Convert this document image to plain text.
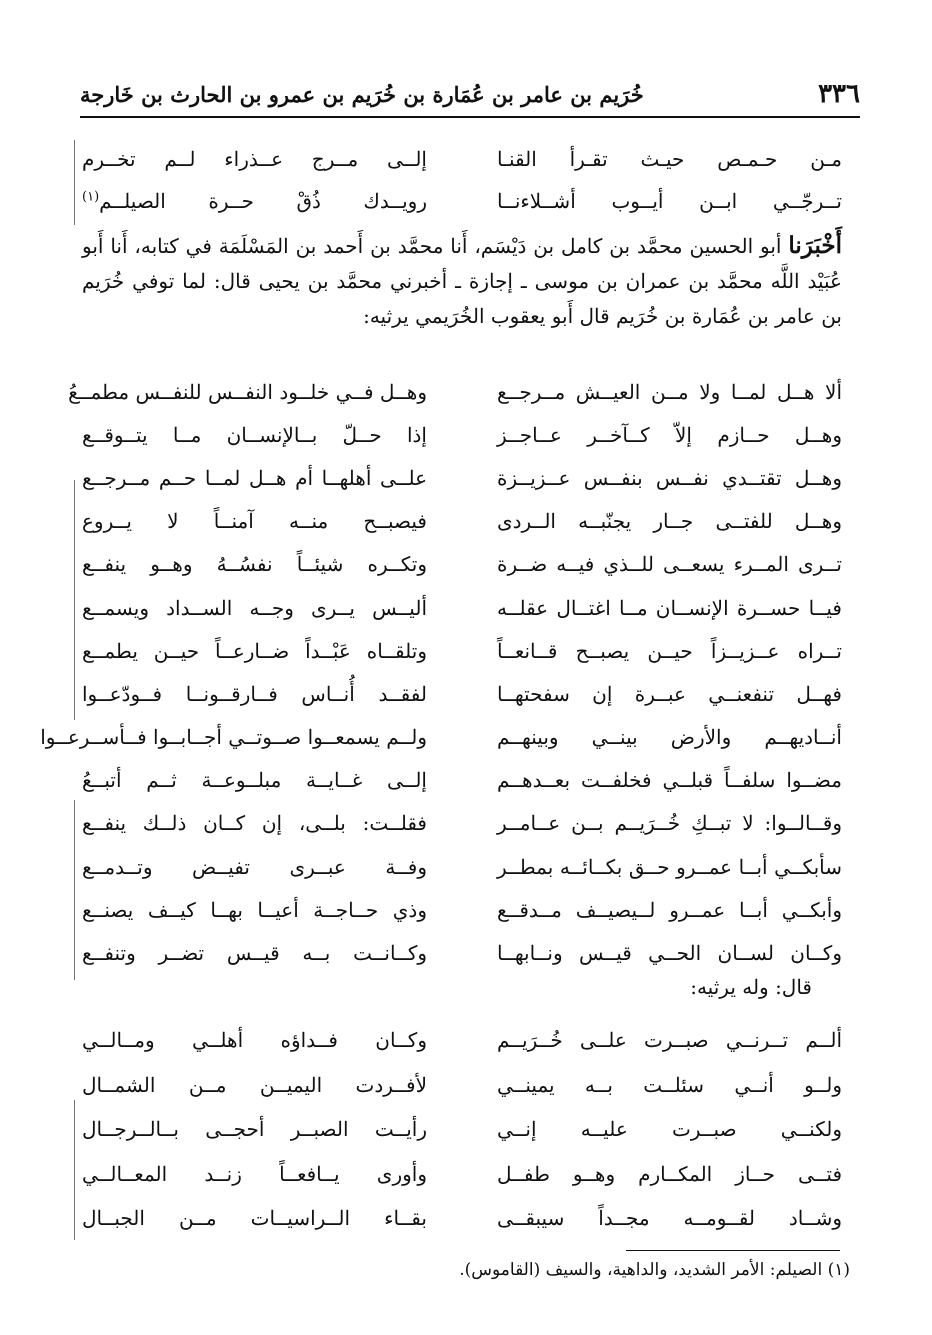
٣٣٦
خُرَيم بن عامر بن عُمَارة بن خُرَيم بن عمرو بن الحارث بن خَارجة
مـن حـمـص حيـث تقـرأ القنـا
إلــى مــرج عــذراء لــم تخــرم
تــرجّــي ابــن أيــوب أشــلاءنــا
رويــدك ذُقْ حــرة الصيلــم$^{(١)}$
أَخْبَرَنا أبو الحسين محمَّد بن كامل بن دَيْسَم، أَنا محمَّد بن أَحمد بن المَسْلَمَة في كتابه، أَنا أَبو عُبَيْد اللَّه محمَّد بن عمران بن موسى ـ إجازة ـ أخبرني محمَّد بن يحيى قال: لما توفي خُرَيم بن عامر بن عُمَارة بن خُرَيم قال أَبو يعقوب الخُرَيمي يرثيه:
ألا هــل لمــا ولا مــن العيــش مــرجــع
وهــل فــي خلــود النفــس للنفــس مطمــعُ
وهــل حــازم إلاّ كــآخــر عــاجــز
إذا حــلّ بــالإنســان مــا يتــوقــع
وهــل تقتــدي نفــس بنفــس عــزيــزة
علــى أهلهــا أم هــل لمــا حــم مــرجــع
وهــل للفتــى جــار يجنّبــه الــردى
فيصبــح منــه آمنــاً لا يــروع
تــرى المــرء يسعــى للــذي فيــه ضــرة
وتكــره شيئــاً نفسُــهُ وهــو ينفــع
فيــا حســرة الإنســان مــا اغتــال عقلــه
أليــس يــرى وجــه الســداد ويسمــع
تــراه عــزيــزاً حيــن يصبــح قــانعــاً
وتلقــاه عَبْــداً ضــارعــاً حيــن يطمــع
فهــل تنفعنــي عبــرة إن سفحتهــا
لفقــد أُنــاس فــارقــونــا فــودّعــوا
أنــاديهــم والأرض بينــي وبينهــم
ولــم يسمعــوا صــوتــي أجــابــوا فــأســرعــوا
مضــوا سلفــاً قبلــي فخلفــت بعــدهــم
إلــى غــايــة مبلــوعــة ثــم أتبــعُ
وقــالــوا: لا تبــكِ خُــرَيــم بــن عــامــر
فقلــت: بلــى، إن كــان ذلــك ينفــع
سأبكــي أبــا عمــرو حــق بكــائــه بمطــر
وفــة عبــرى تفيــض وتــدمــع
وأبكــي أبــا عمــرو لــيصيــف مــدقــع
وذي حــاجــة أعيــا بهــا كيــف يصنــع
وكــان لســان الحــي قيــس ونــابهــا
وكــانــت بــه قيــس تضــر وتنفــع
قال: وله يرثيه:
ألــم تــرنــي صبــرت علــى خُــرَيــم
وكــان فــداؤه أهلــي ومــالــي
ولــو أنــي سئلــت بــه يمينــي
لأفــردت اليميــن مــن الشمــال
ولكنــي صبــرت عليــه إنــي
رأيــت الصبــر أحجــى بــالــرجــال
فتــى حــاز المكــارم وهــو طفــل
وأورى يــافعــاً زنــد المعــالــي
وشــاد لقــومــه مجــداً سيبقــى
بقــاء الــراسيــات مــن الجبــال
(١) الصيلم: الأمر الشديد، والداهية، والسيف (القاموس).
